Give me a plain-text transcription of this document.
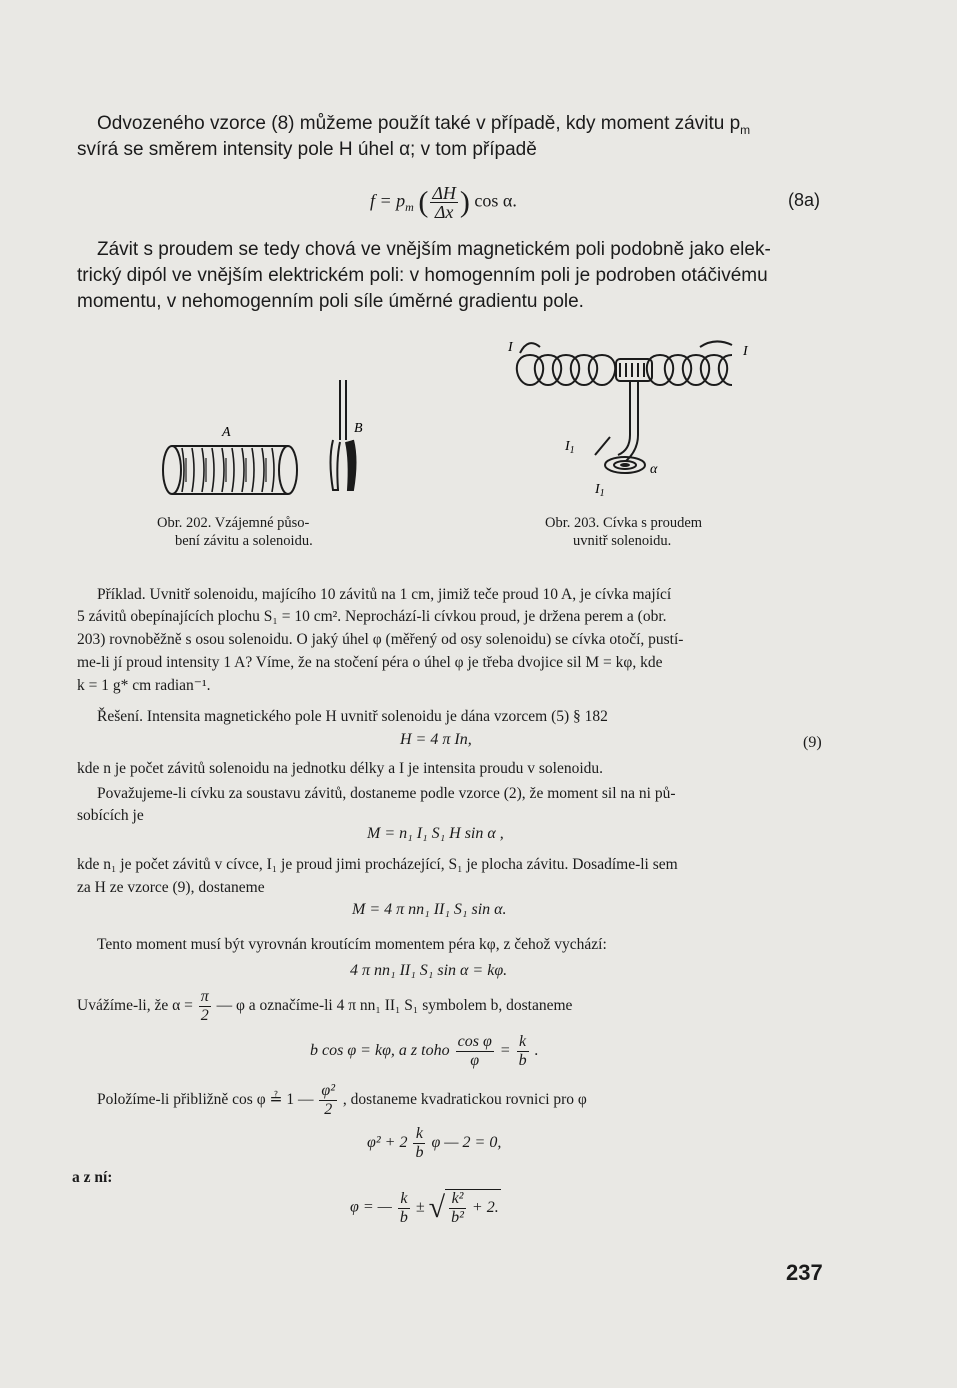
Odvozeného vzorce (8) můžeme použít také v případě, kdy moment závitu $p_m$
svírá se směrem intensity pole H úhel α; v tom případě
$f = p_m$ ( $\frac{\Delta H}{\Delta x}$ ) cos α.	(8a)
Závit s proudem se tedy chová ve vnějším magnetickém poli podobně jako elek-
trický dipól ve vnějším elektrickém poli: v homogenním poli je podroben otáčivému
momentu, v nehomogenním poli síle úměrné gradientu pole.
A	B
Obr. 202. Vzájemné půso-
bení závitu a solenoidu.
I	I
$I_1$
$I_1$
α
Obr. 203. Cívka s proudem
uvnitř solenoidu.
Příklad. Uvnitř solenoidu, majícího 10 závitů na 1 cm, jimiž teče proud 10 A, je cívka mající
5 závitů obepínajících plochu S₁ = 10 cm². Neprochází-li cívkou proud, je držena perem a (obr.
203) rovnoběžně s osou solenoidu. O jaký úhel φ (měřený od osy solenoidu) se cívka otočí, pustí-
me-li jí proud intensity 1 A? Víme, že na stočení péra o úhel φ je třeba dvojice sil M = kφ, kde
k = 1 g* cm radian⁻¹.
Řešení. Intensita magnetického pole H uvnitř solenoidu je dána vzorcem (5) § 182
H = 4 π In,	(9)
kde n je počet závitů solenoidu na jednotku délky a I je intensita proudu v solenoidu.
Považujeme-li cívku za soustavu závitů, dostaneme podle vzorce (2), že moment sil na ni pů-
sobících je
M = n₁ I₁ S₁ H sin α ,
kde n₁ je počet závitů v cívce, I₁ je proud jimi procházející, S₁ je plocha závitu. Dosadíme-li sem
za H ze vzorce (9), dostaneme
M = 4 π nn₁ II₁ S₁ sin α.
Tento moment musí být vyrovnán kroutícím momentem péra kφ, z čehož vychází:
4 π nn₁ II₁ S₁ sin α = kφ.
Uvážíme-li, že $\alpha = \frac{\pi}{2}$ — φ a označíme-li 4 π nn₁ II₁ S₁ symbolem b, dostaneme
b cos φ = kφ, a z toho $\frac{\text{cos φ}}{\varphi} = \frac{k}{b}$ .
Položíme-li přibližně cos φ ≟ 1 — $\frac{\text{φ²}}{2}$ , dostaneme kvadratickou rovnici pro φ
$\varphi^2 + 2 \frac{k}{b}$ φ — 2 = 0,
a z ní:
φ = — $\frac{k}{b}$ ± √ $\frac{\text{k²}}{\text{b²}} + 2$.
237
